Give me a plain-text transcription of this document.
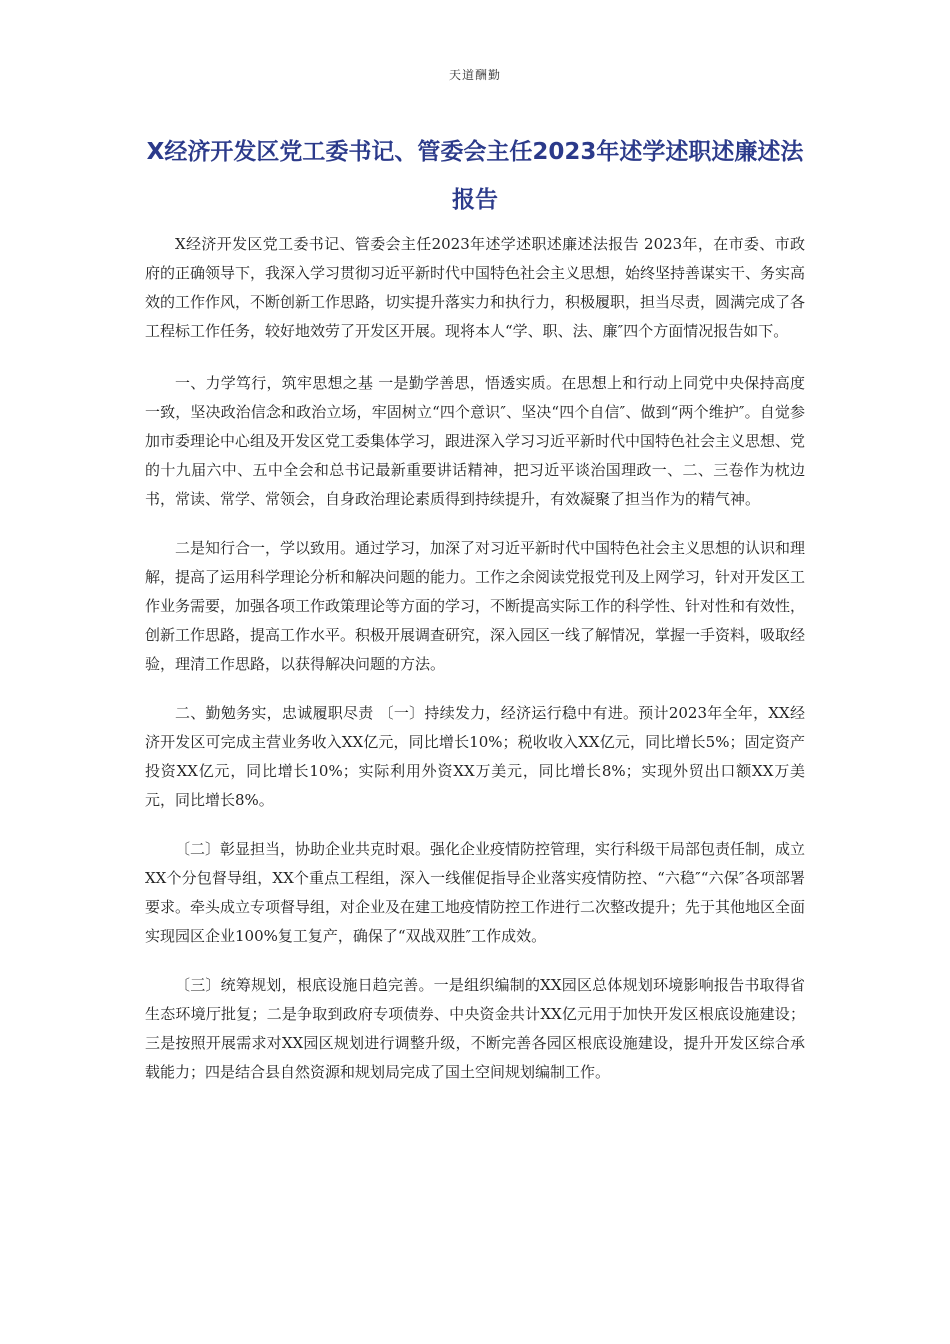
天道酬勤
X经济开发区党工委书记、管委会主任2023年述学述职述廉述法报告

X经济开发区党工委书记、管委会主任2023年述学述职述廉述法报告 2023年，在市委、市政府的正确领导下，我深入学习贯彻习近平新时代中国特色社会主义思想，始终坚持善谋实干、务实高效的工作作风，不断创新工作思路，切实提升落实力和执行力，积极履职，担当尽责，圆满完成了各工程标工作任务，较好地效劳了开发区开展。现将本人“学、职、法、廉″四个方面情况报告如下。

一、力学笃行，筑牢思想之基 一是勤学善思，悟透实质。在思想上和行动上同党中央保持高度一致，坚决政治信念和政治立场，牢固树立“四个意识″、坚决“四个自信″、做到“两个维护″。自觉参加市委理论中心组及开发区党工委集体学习，跟进深入学习习近平新时代中国特色社会主义思想、党的十九届六中、五中全会和总书记最新重要讲话精神，把习近平谈治国理政一、二、三卷作为枕边书，常读、常学、常领会，自身政治理论素质得到持续提升，有效凝聚了担当作为的精气神。

二是知行合一，学以致用。通过学习，加深了对习近平新时代中国特色社会主义思想的认识和理解，提高了运用科学理论分析和解决问题的能力。工作之余阅读党报党刊及上网学习，针对开发区工作业务需要，加强各项工作政策理论等方面的学习，不断提高实际工作的科学性、针对性和有效性，创新工作思路，提高工作水平。积极开展调查研究，深入园区一线了解情况，掌握一手资料，吸取经验，理清工作思路，以获得解决问题的方法。

二、勤勉务实，忠诚履职尽责 〔一〕持续发力，经济运行稳中有进。预计2023年全年，XX经济开发区可完成主营业务收入XX亿元，同比增长10%；税收收入XX亿元，同比增长5%；固定资产投资XX亿元，同比增长10%；实际利用外资XX万美元，同比增长8%；实现外贸出口额XX万美元，同比增长8%。

〔二〕彰显担当，协助企业共克时艰。强化企业疫情防控管理，实行科级干局部包责任制，成立XX个分包督导组，XX个重点工程组，深入一线催促指导企业落实疫情防控、“六稳″“六保″各项部署要求。牵头成立专项督导组，对企业及在建工地疫情防控工作进行二次整改提升；先于其他地区全面实现园区企业100%复工复产，确保了“双战双胜″工作成效。

〔三〕统筹规划，根底设施日趋完善。一是组织编制的XX园区总体规划环境影响报告书取得省生态环境厅批复；二是争取到政府专项债券、中央资金共计XX亿元用于加快开发区根底设施建设；三是按照开展需求对XX园区规划进行调整升级，不断完善各园区根底设施建设，提升开发区综合承载能力；四是结合县自然资源和规划局完成了国土空间规划编制工作。
